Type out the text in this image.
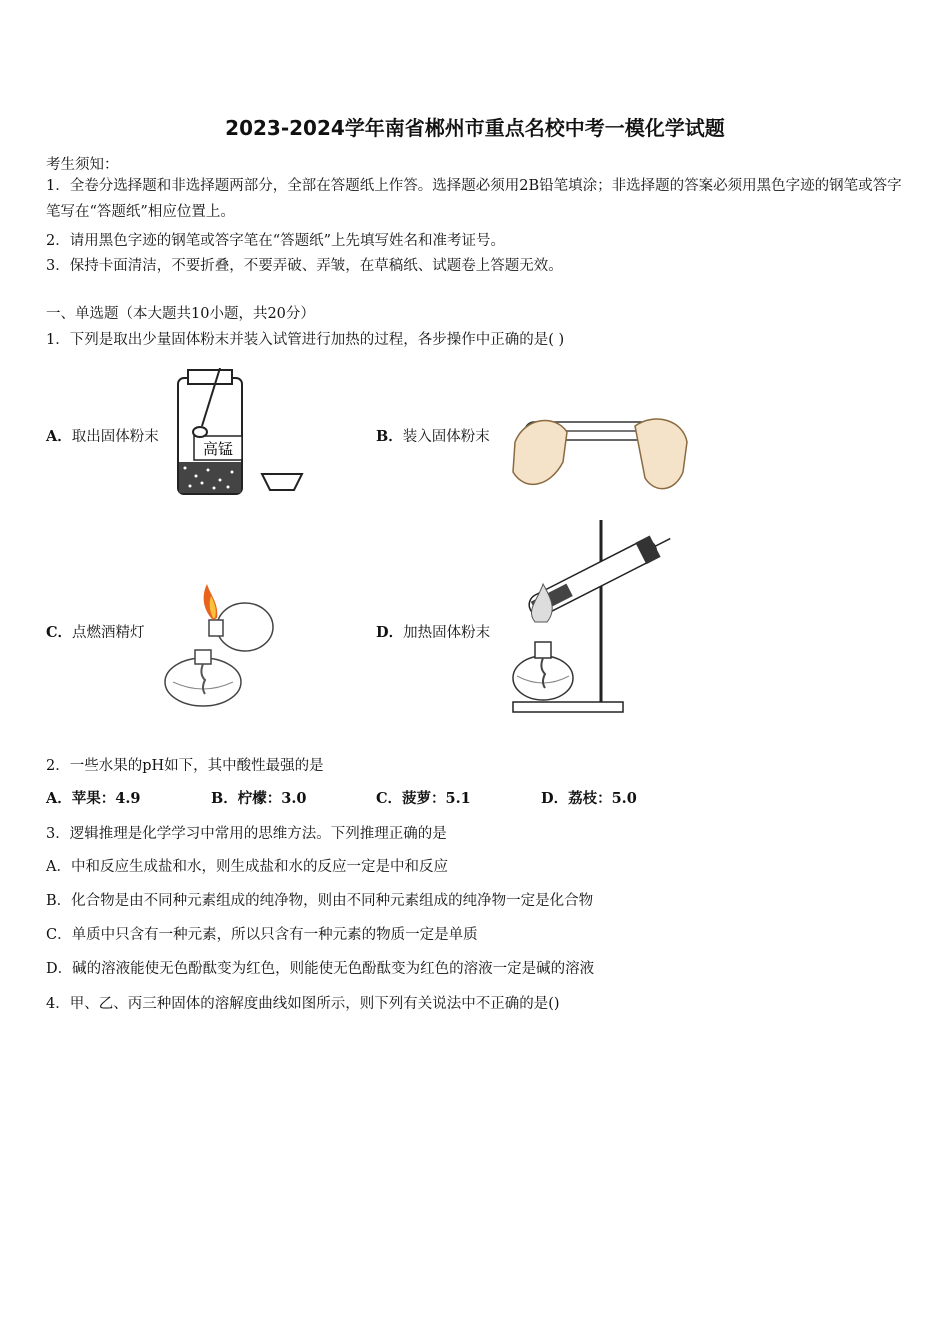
2023-2024学年南省郴州市重点名校中考一模化学试题
考生须知：
1．全卷分选择题和非选择题两部分，全部在答题纸上作答。选择题必须用2B铅笔填涂；非选择题的答案必须用黑色字迹的钢笔或答字笔写在“答题纸”相应位置上。
2．请用黑色字迹的钢笔或答字笔在“答题纸”上先填写姓名和准考证号。
3．保持卡面清洁，不要折叠，不要弄破、弄皱，在草稿纸、试题卷上答题无效。
一、单选题（本大题共10小题，共20分）
1．下列是取出少量固体粉末并装入试管进行加热的过程，各步操作中正确的是( )
A．取出固体粉末
高锰
B．装入固体粉末
C．点燃酒精灯	D．加热固体粉末
2．一些水果的pH如下，其中酸性最强的是
A．苹果：4.9	B．柠檬：3.0	C．菠萝：5.1	D．荔枝：5.0
3．逻辑推理是化学学习中常用的思维方法。下列推理正确的是
A．中和反应生成盐和水，则生成盐和水的反应一定是中和反应
B．化合物是由不同种元素组成的纯净物，则由不同种元素组成的纯净物一定是化合物
C．单质中只含有一种元素，所以只含有一种元素的物质一定是单质
D．碱的溶液能使无色酚酞变为红色，则能使无色酚酞变为红色的溶液一定是碱的溶液
4．甲、乙、丙三种固体的溶解度曲线如图所示，则下列有关说法中不正确的是()
